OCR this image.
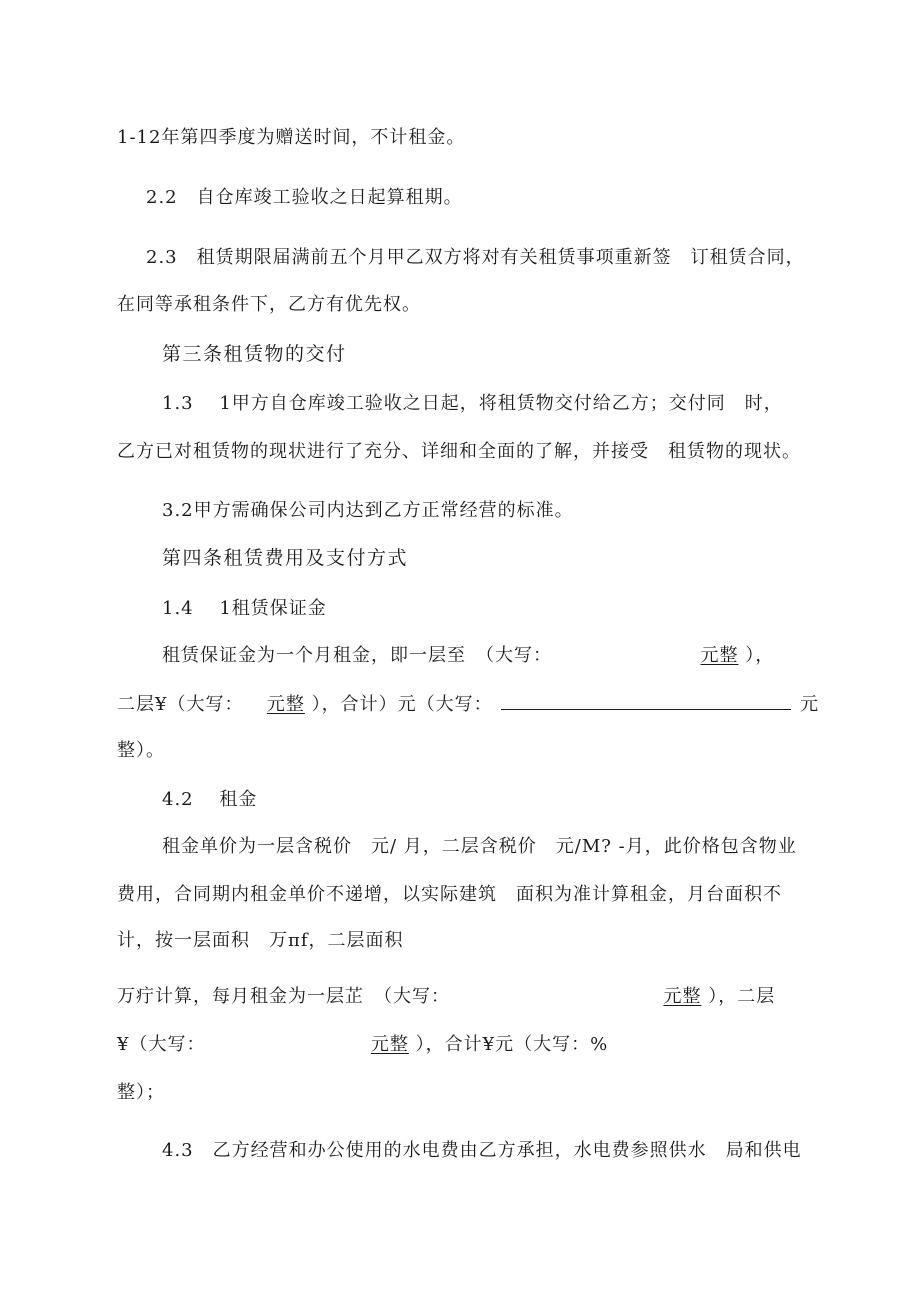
1-12年第四季度为赠送时间，不计租金。
2.2　自仓库竣工验收之日起算租期。
2.3　租赁期限届满前五个月甲乙双方将对有关租赁事项重新签　订租赁合同，
在同等承租条件下，乙方有优先权。
第三条租赁物的交付
1.3　 1甲方自仓库竣工验收之日起，将租赁物交付给乙方；交付同　时，
乙方已对租赁物的现状进行了充分、详细和全面的了解，并接受　租赁物的现状。
3.2甲方需确保公司内达到乙方正常经营的标准。
第四条租赁费用及支付方式
1.4　 1租赁保证金
租赁保证金为一个月租金，即一层至　（大写：	元整 ），
二层¥（大写： 元整 ），合计）元（大写：	元
整）。
4.2　 租金
租金单价为一层含税价　元/ 月，二层含税价　元/M? -月，此价格包含物业
费用，合同期内租金单价不递增，以实际建筑　面积为准计算租金，月台面积不
计，按一层面积　万πf，二层面积
万疔计算，每月租金为一层芷　（大写：	元整 ），二层
¥（大写：	元整 ），合计¥元（大写：%
整）；
4.3　乙方经营和办公使用的水电费由乙方承担，水电费参照供水　局和供电
